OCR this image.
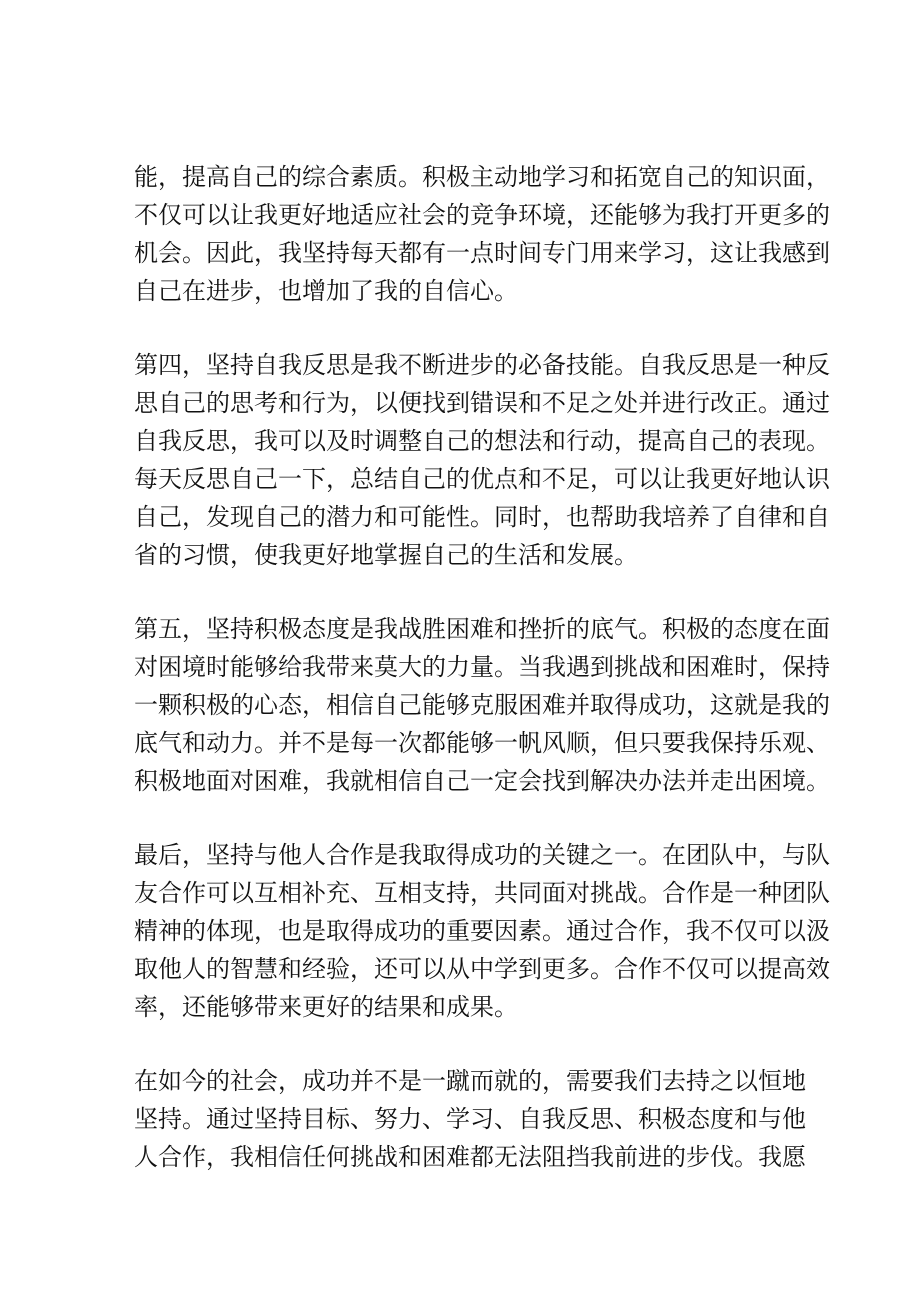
能，提高自己的综合素质。积极主动地学习和拓宽自己的知识面，
不仅可以让我更好地适应社会的竞争环境，还能够为我打开更多的
机会。因此，我坚持每天都有一点时间专门用来学习，这让我感到
自己在进步，也增加了我的自信心。
第四，坚持自我反思是我不断进步的必备技能。自我反思是一种反
思自己的思考和行为，以便找到错误和不足之处并进行改正。通过
自我反思，我可以及时调整自己的想法和行动，提高自己的表现。
每天反思自己一下，总结自己的优点和不足，可以让我更好地认识
自己，发现自己的潜力和可能性。同时，也帮助我培养了自律和自
省的习惯，使我更好地掌握自己的生活和发展。
第五，坚持积极态度是我战胜困难和挫折的底气。积极的态度在面
对困境时能够给我带来莫大的力量。当我遇到挑战和困难时，保持
一颗积极的心态，相信自己能够克服困难并取得成功，这就是我的
底气和动力。并不是每一次都能够一帆风顺，但只要我保持乐观、
积极地面对困难，我就相信自己一定会找到解决办法并走出困境。
最后，坚持与他人合作是我取得成功的关键之一。在团队中，与队
友合作可以互相补充、互相支持，共同面对挑战。合作是一种团队
精神的体现，也是取得成功的重要因素。通过合作，我不仅可以汲
取他人的智慧和经验，还可以从中学到更多。合作不仅可以提高效
率，还能够带来更好的结果和成果。
在如今的社会，成功并不是一蹴而就的，需要我们去持之以恒地
坚持。通过坚持目标、努力、学习、自我反思、积极态度和与他
人合作，我相信任何挑战和困难都无法阻挡我前进的步伐。我愿
